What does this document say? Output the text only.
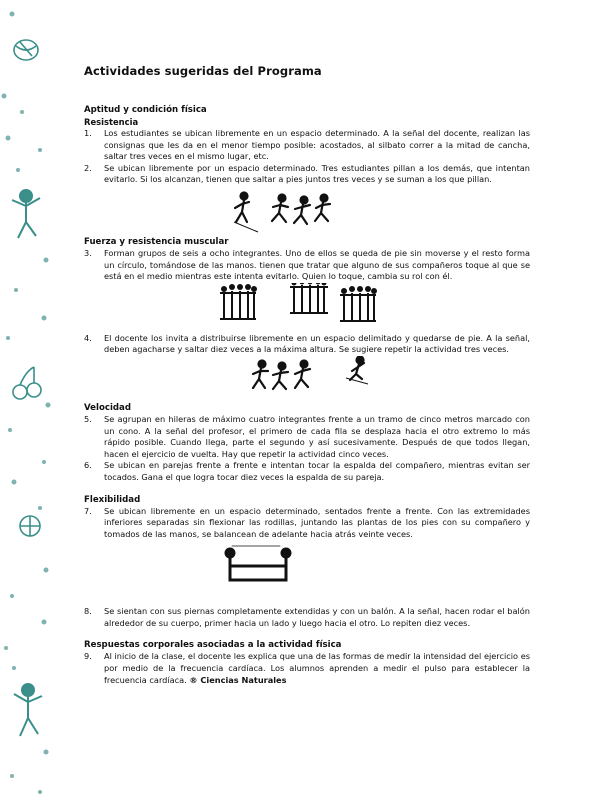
Actividades sugeridas del Programa

Aptitud y condición física

Resistencia

1.	Los estudiantes se ubican libremente en un espacio determinado. A la señal del docente, realizan las consignas que les da en el menor tiempo posible: acostados, al silbato correr a la mitad de cancha, saltar tres veces en el mismo lugar, etc.
2.	Se ubican libremente por un espacio determinado. Tres estudiantes pillan a los demás, que intentan evitarlo. Si los alcanzan, tienen que saltar a pies juntos tres veces y se suman a los que pillan.

Fuerza y resistencia muscular

3.	Forman grupos de seis a ocho integrantes. Uno de ellos se queda de pie sin moverse y el resto forma un círculo, tomándose de las manos. tienen que tratar que alguno de sus compañeros toque al que se está en el medio mientras este intenta evitarlo. Quien lo toque, cambia su rol con él.
4.	El docente los invita a distribuirse libremente en un espacio delimitado y quedarse de pie. A la señal, deben agacharse y saltar diez veces a la máxima altura. Se sugiere repetir la actividad tres veces.

Velocidad

5.	Se agrupan en hileras de máximo cuatro integrantes frente a un tramo de cinco metros marcado con un cono. A la señal del profesor, el primero de cada fila se desplaza hacia el otro extremo lo más rápido posible. Cuando llega, parte el segundo y así sucesivamente. Después de que todos llegan, hacen el ejercicio de vuelta. Hay que repetir la actividad cinco veces.
6.	Se ubican en parejas frente a frente e intentan tocar la espalda del compañero, mientras evitan ser tocados. Gana el que logra tocar diez veces la espalda de su pareja.

Flexibilidad

7.	Se ubican libremente en un espacio determinado, sentados frente a frente. Con las extremidades inferiores separadas sin flexionar las rodillas, juntando las plantas de los pies con su compañero y tomados de las manos, se balancean de adelante hacia atrás veinte veces.
8.	Se sientan con sus piernas completamente extendidas y con un balón. A la señal, hacen rodar el balón alrededor de su cuerpo, primer hacia un lado y luego hacia el otro. Lo repiten diez veces.

Respuestas corporales asociadas a la actividad física

9.	Al inicio de la clase, el docente les explica que una de las formas de medir la intensidad del ejercicio es por medio de la frecuencia cardíaca. Los alumnos aprenden a medir el pulso para establecer la frecuencia cardíaca. ® Ciencias Naturales
